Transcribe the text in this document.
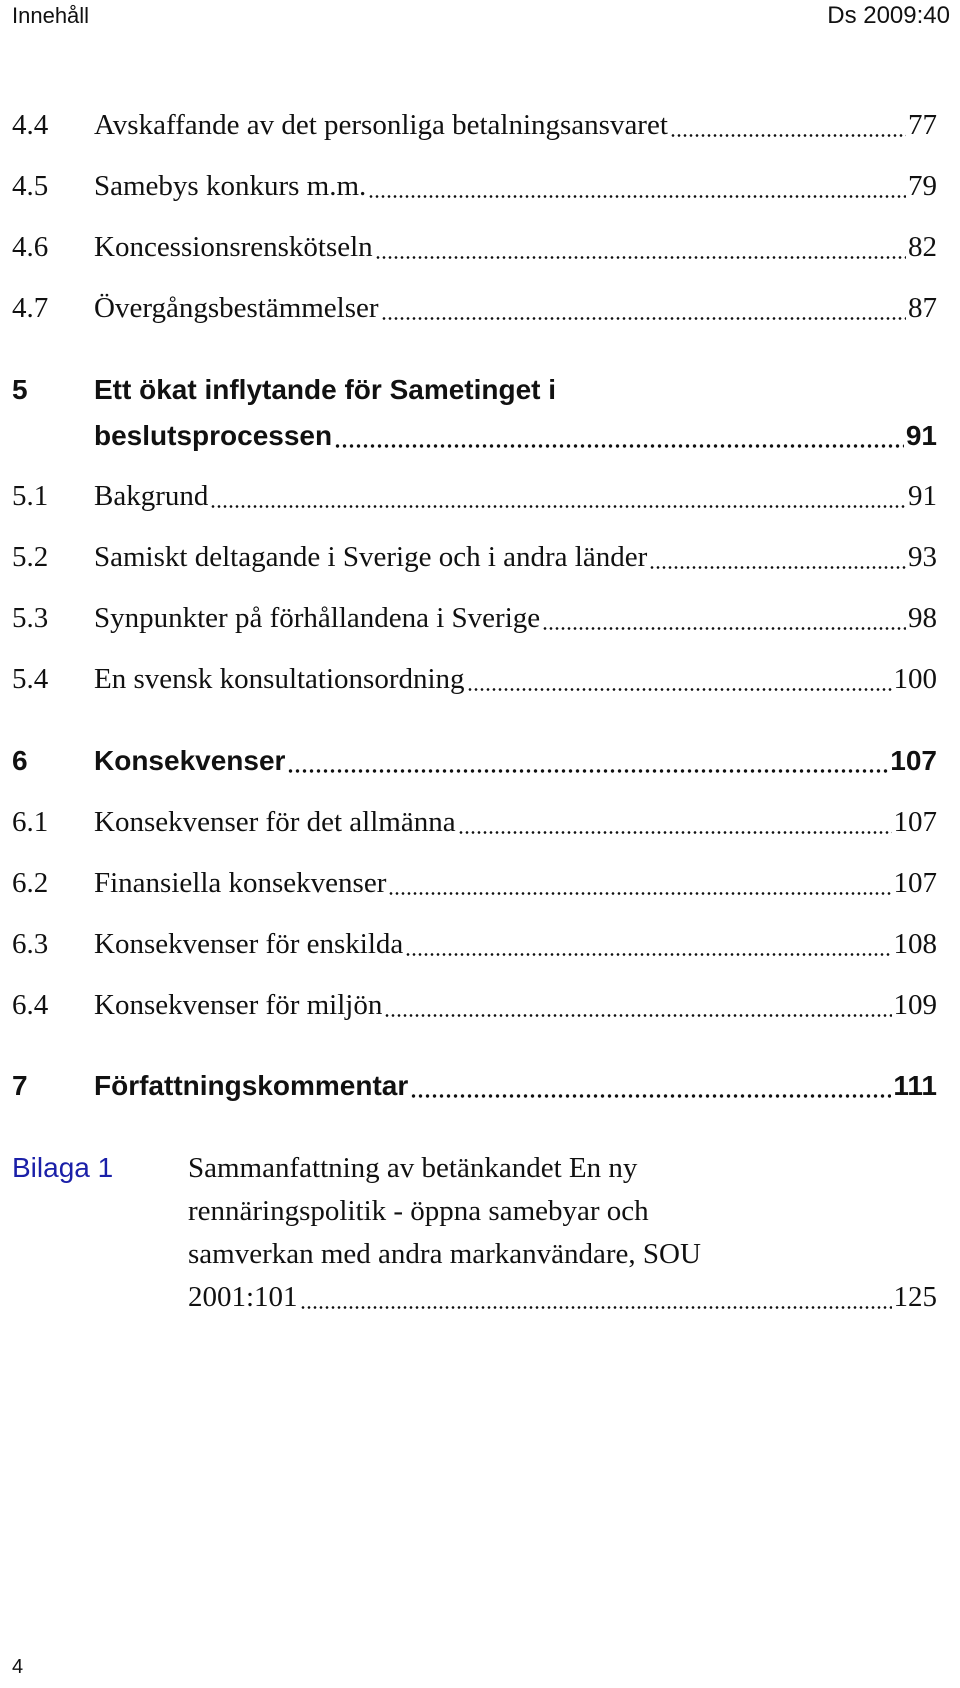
Innehåll	Ds 2009:40
4.4 Avskaffande av det personliga betalningsansvaret	77
4.5 Samebys konkurs m.m.	79
4.6 Koncessionsrenskötseln	82
4.7 Övergångsbestämmelser	87
5 Ett ökat inflytande för Sametinget i
beslutsprocessen	91
5.1 Bakgrund	91
5.2 Samiskt deltagande i Sverige och i andra länder	93
5.3 Synpunkter på förhållandena i Sverige	98
5.4 En svensk konsultationsordning	100
6 Konsekvenser	107
6.1 Konsekvenser för det allmänna	107
6.2 Finansiella konsekvenser	107
6.3 Konsekvenser för enskilda	108
6.4 Konsekvenser för miljön	109
7 Författningskommentar	111
Bilaga 1	Sammanfattning av betänkandet En ny
rennäringspolitik - öppna samebyar och
samverkan med andra markanvändare, SOU
2001:101	125
4
